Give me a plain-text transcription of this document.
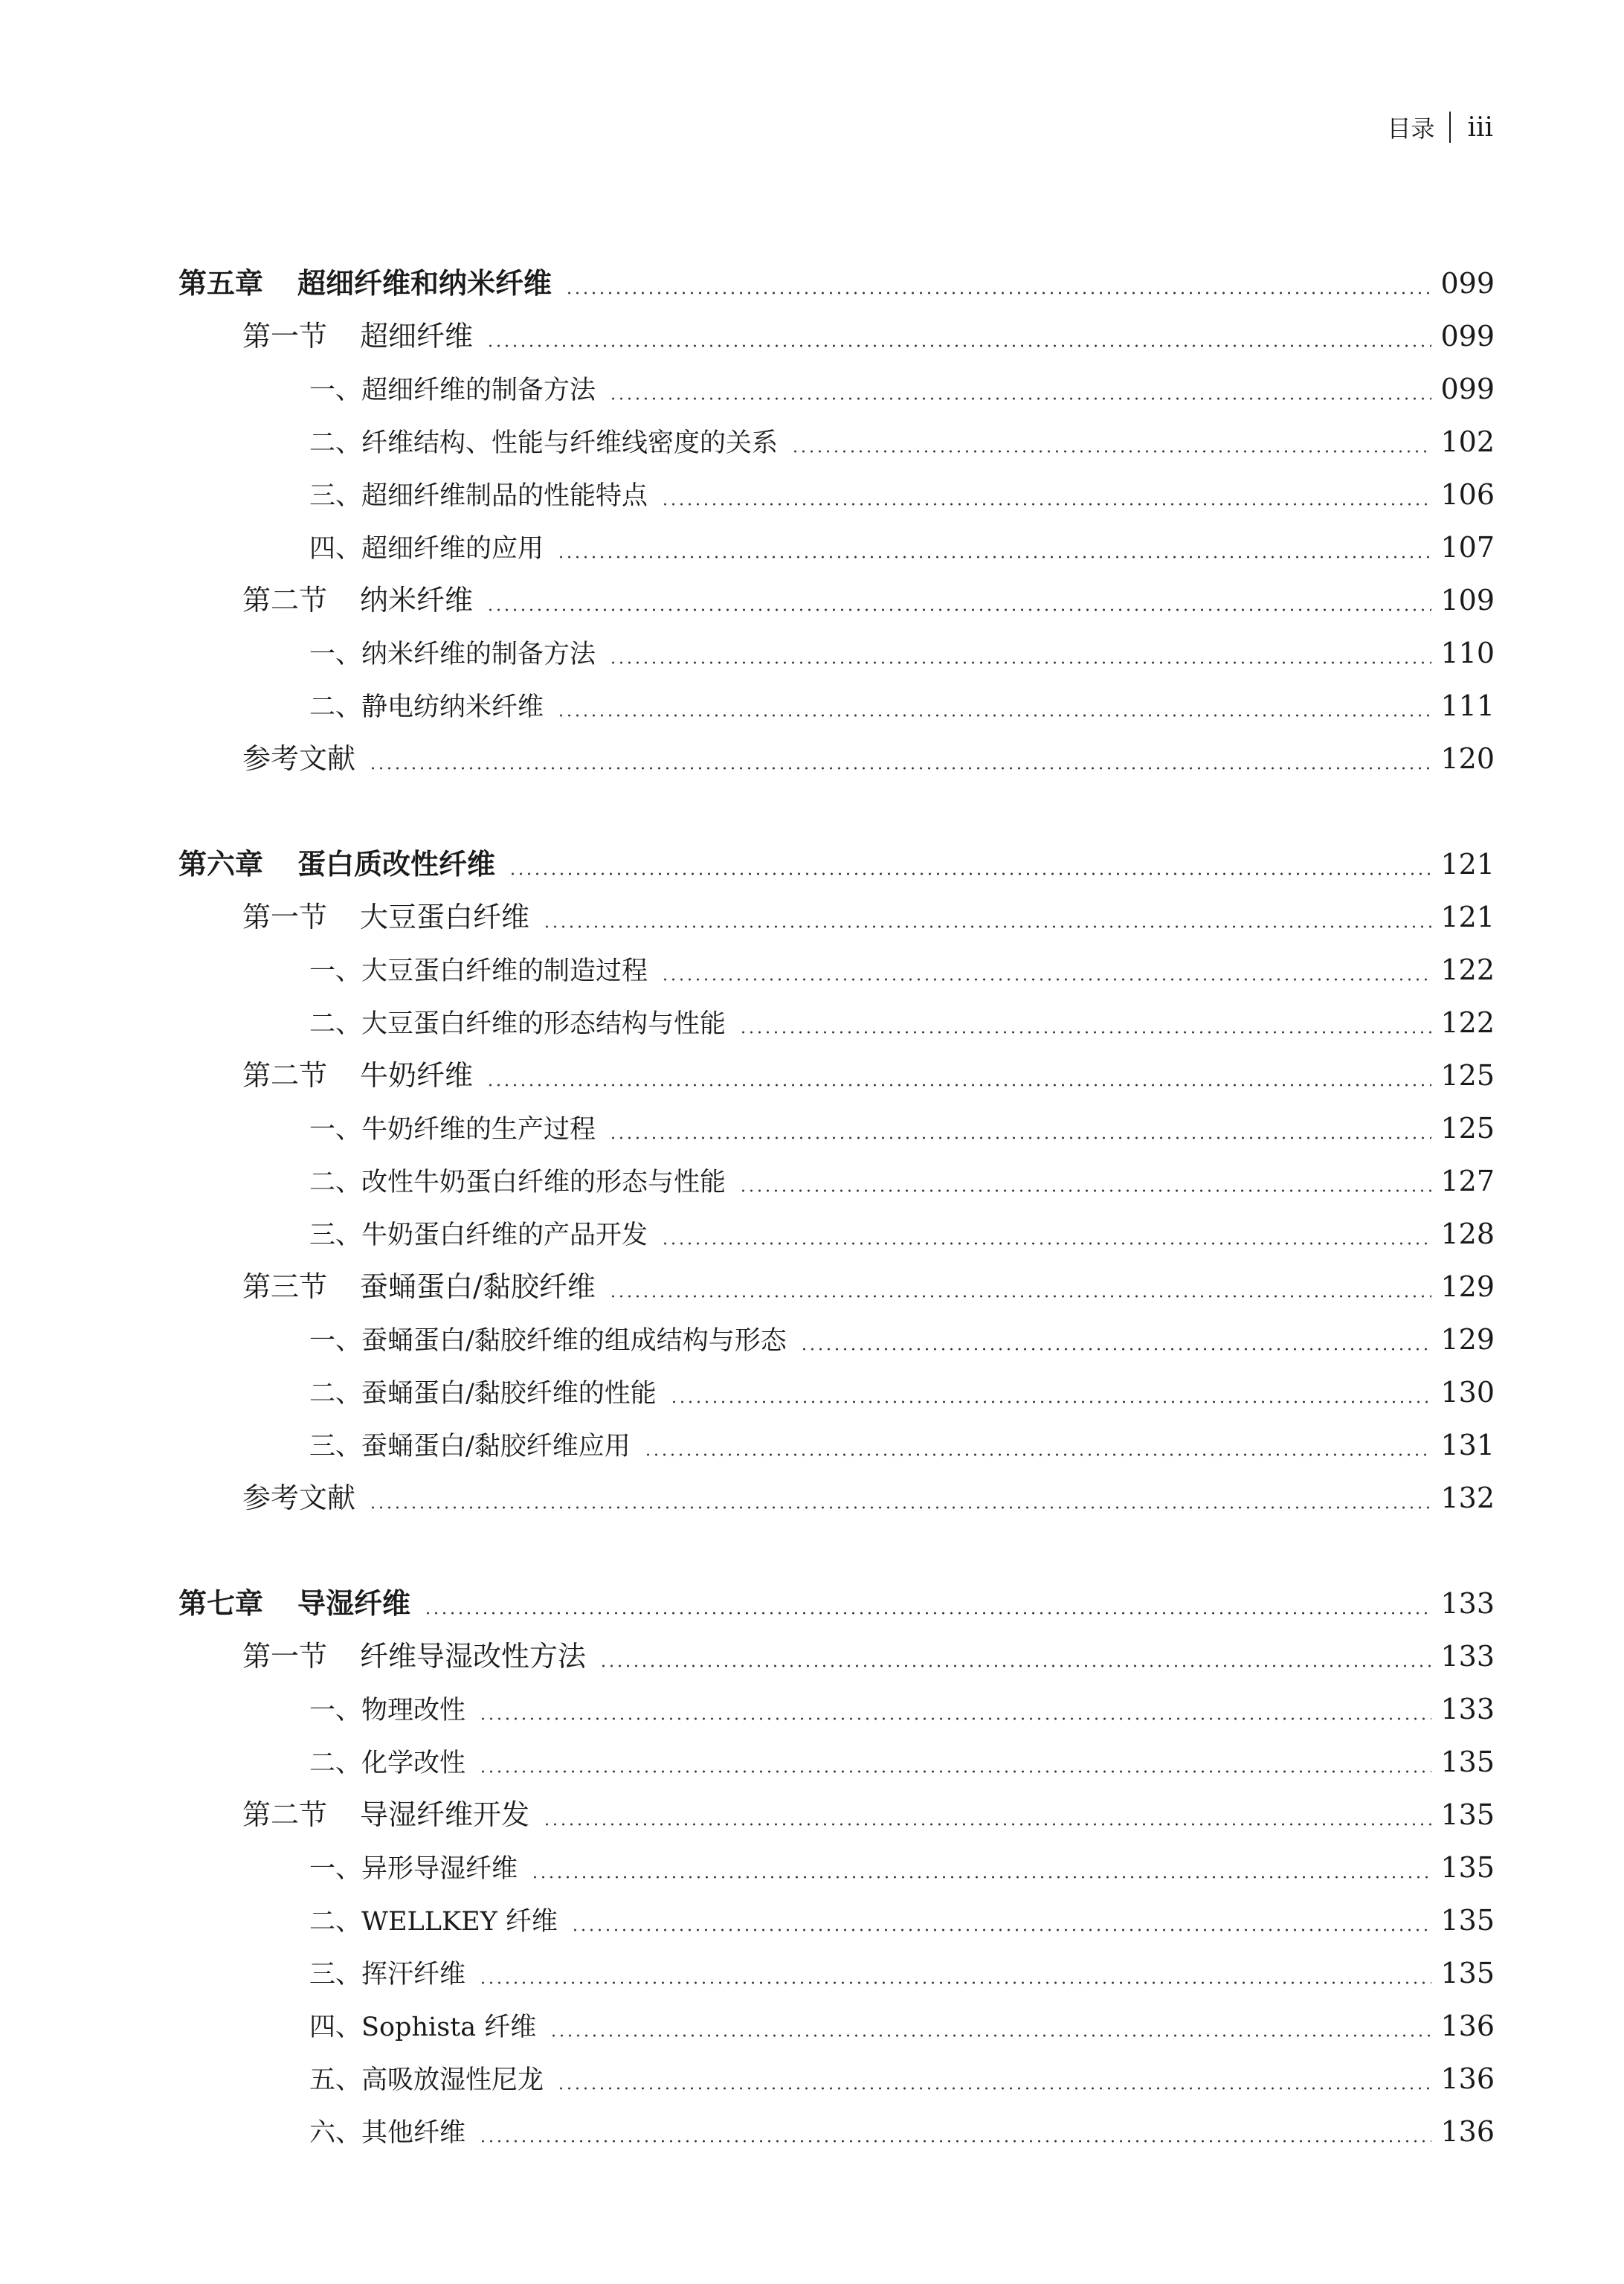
目录 iii
第五章 超细纤维和纳米纤维	099
第一节 超细纤维	099
一、超细纤维的制备方法	099
二、纤维结构、性能与纤维线密度的关系	102
三、超细纤维制品的性能特点	106
四、超细纤维的应用	107
第二节 纳米纤维	109
一、纳米纤维的制备方法	110
二、静电纺纳米纤维	111
参考文献	120
第六章 蛋白质改性纤维	121
第一节 大豆蛋白纤维	121
一、大豆蛋白纤维的制造过程	122
二、大豆蛋白纤维的形态结构与性能	122
第二节 牛奶纤维	125
一、牛奶纤维的生产过程	125
二、改性牛奶蛋白纤维的形态与性能	127
三、牛奶蛋白纤维的产品开发	128
第三节 蚕蛹蛋白/黏胶纤维	129
一、蚕蛹蛋白/黏胶纤维的组成结构与形态	129
二、蚕蛹蛋白/黏胶纤维的性能	130
三、蚕蛹蛋白/黏胶纤维应用	131
参考文献	132
第七章 导湿纤维	133
第一节 纤维导湿改性方法	133
一、物理改性	133
二、化学改性	135
第二节 导湿纤维开发	135
一、异形导湿纤维	135
二、WELLKEY 纤维	135
三、挥汗纤维	135
四、Sophista 纤维	136
五、高吸放湿性尼龙	136
六、其他纤维	136
